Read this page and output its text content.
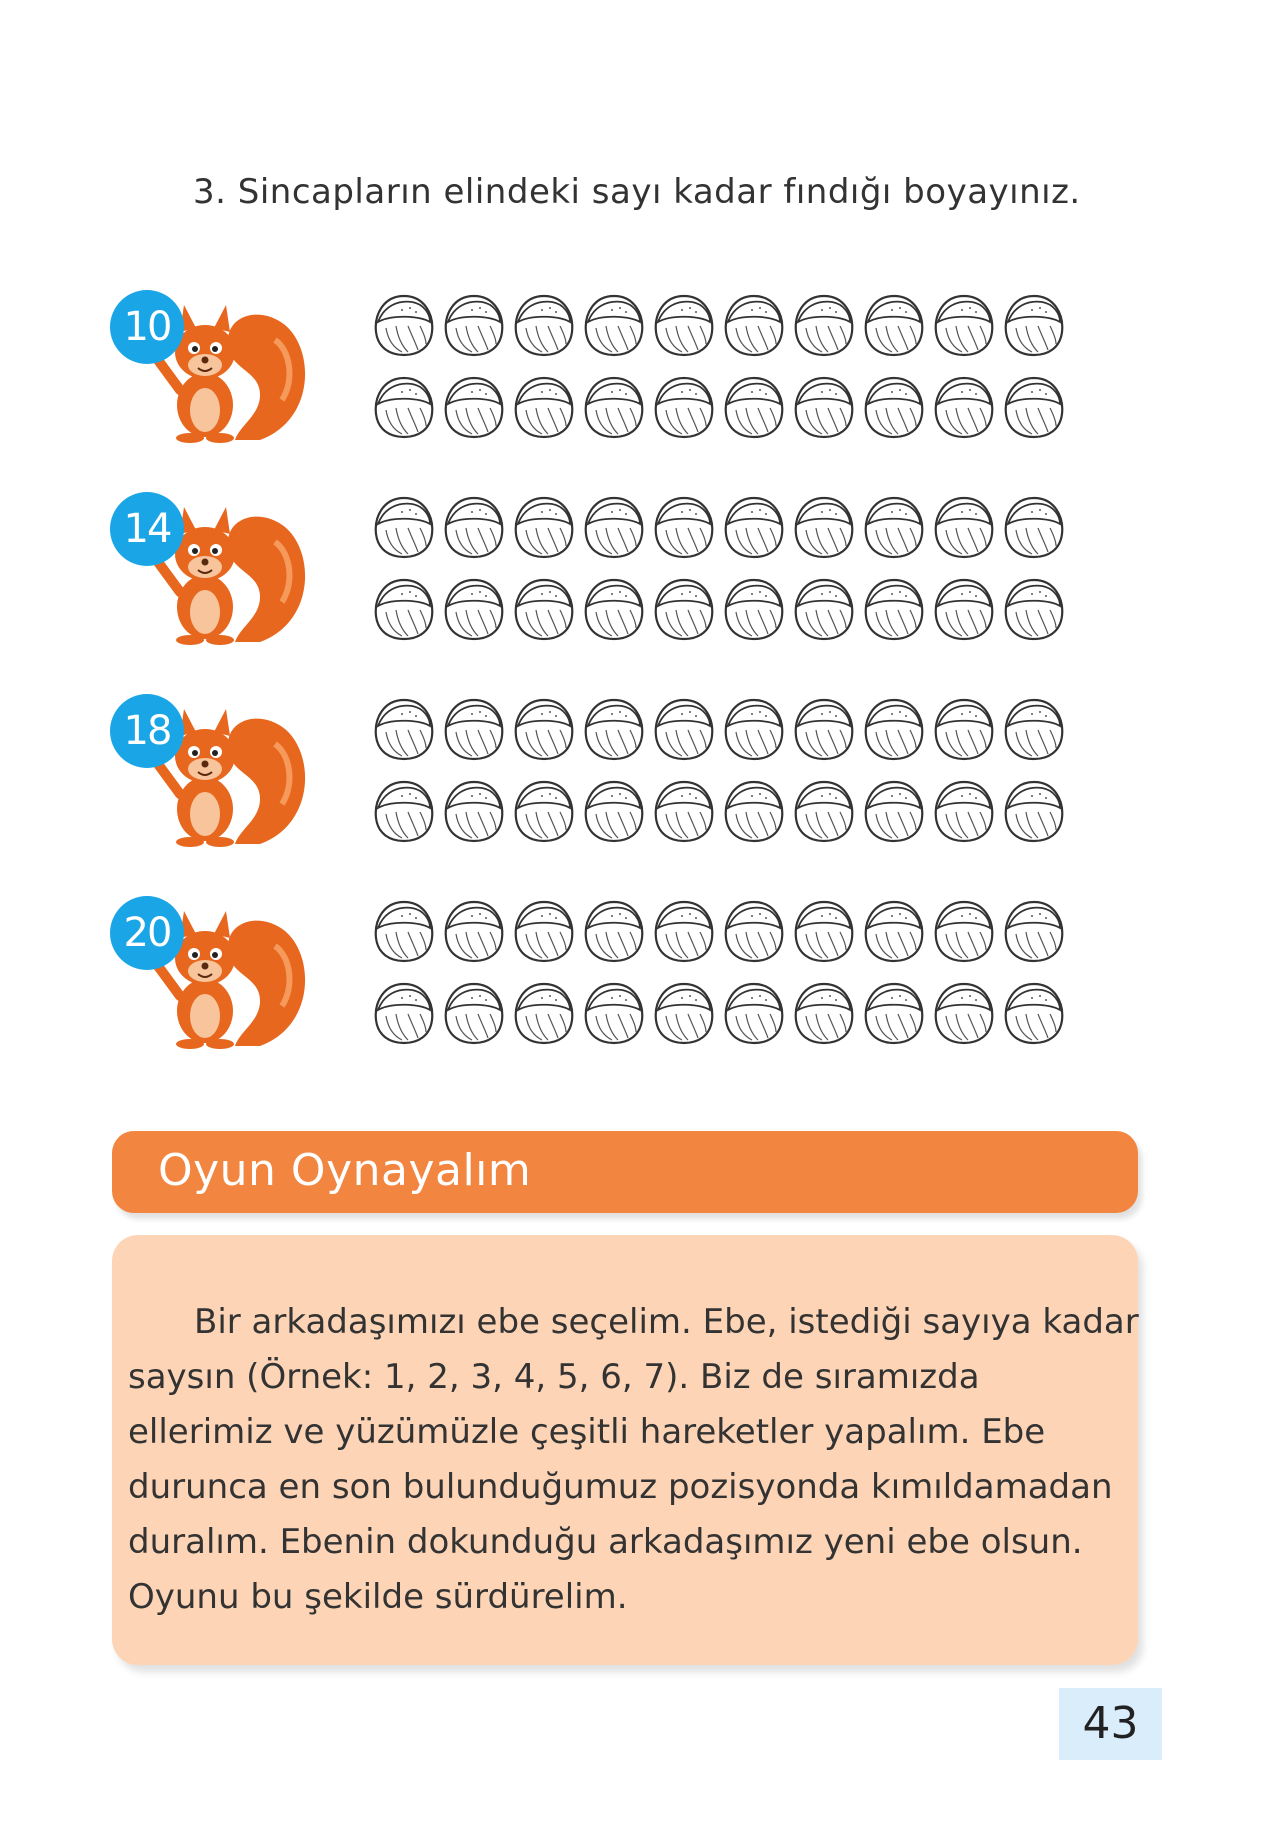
3. Sincapların elindeki sayı kadar fındığı boyayınız.
10
14
18
20
Oyun Oynayalım
Bir arkadaşımızı ebe seçelim. Ebe, istediği sayıya kadar
saysın (Örnek: 1, 2, 3, 4, 5, 6, 7). Biz de sıramızda
ellerimiz ve yüzümüzle çeşitli hareketler yapalım. Ebe
durunca en son bulunduğumuz pozisyonda kımıldamadan
duralım. Ebenin dokunduğu arkadaşımız yeni ebe olsun.
Oyunu bu şekilde sürdürelim.
43
